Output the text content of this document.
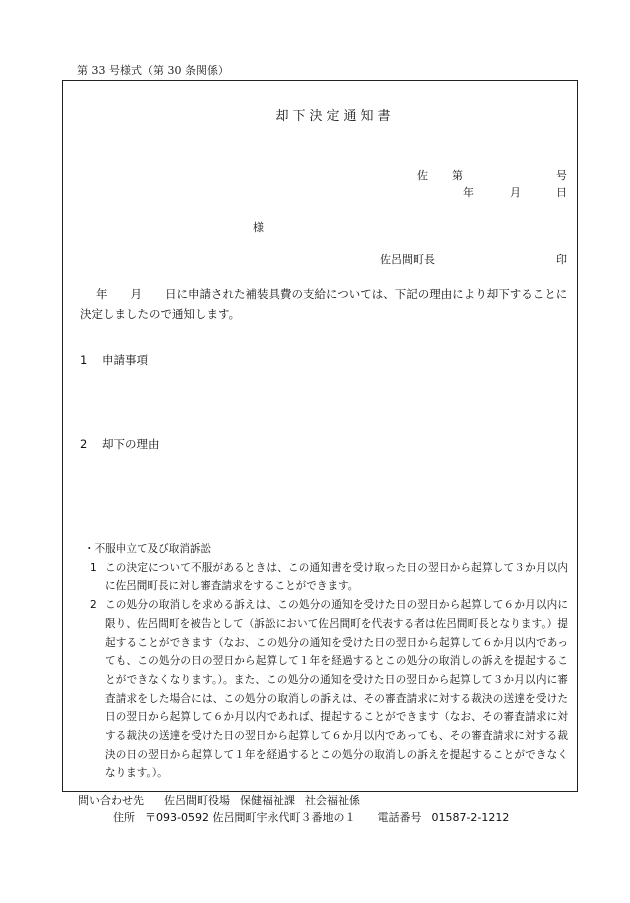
第 33 号様式（第 30 条関係）
却下決定通知書
佐 第	号
年	月	日
様
佐呂間町長	印
年　　月　　日に申請された補装具費の支給については、下記の理由により却下することに決定しましたので通知します。
1 申請事項
2 却下の理由
・不服申立て及び取消訴訟
1 この決定について不服があるときは、この通知書を受け取った日の翌日から起算して３か月以内に佐呂間町長に対し審査請求をすることができます。
2 この処分の取消しを求める訴えは、この処分の通知を受けた日の翌日から起算して６か月以内に限り、佐呂間町を被告として（訴訟において佐呂間町を代表する者は佐呂間町長となります。）提起することができます（なお、この処分の通知を受けた日の翌日から起算して６か月以内であっても、この処分の日の翌日から起算して１年を経過するとこの処分の取消しの訴えを提起することができなくなります。）。また、この処分の通知を受けた日の翌日から起算して３か月以内に審査請求をした場合には、この処分の取消しの訴えは、その審査請求に対する裁決の送達を受けた日の翌日から起算して６か月以内であれば、提起することができます（なお、その審査請求に対する裁決の送達を受けた日の翌日から起算して６か月以内であっても、その審査請求に対する裁決の日の翌日から起算して１年を経過するとこの処分の取消しの訴えを提起することができなくなります。）。
問い合わせ先 佐呂間町役場 保健福祉課 社会福祉係
住所 〒093-0592 佐呂間町宇永代町３番地の１ 電話番号 01587-2-1212
